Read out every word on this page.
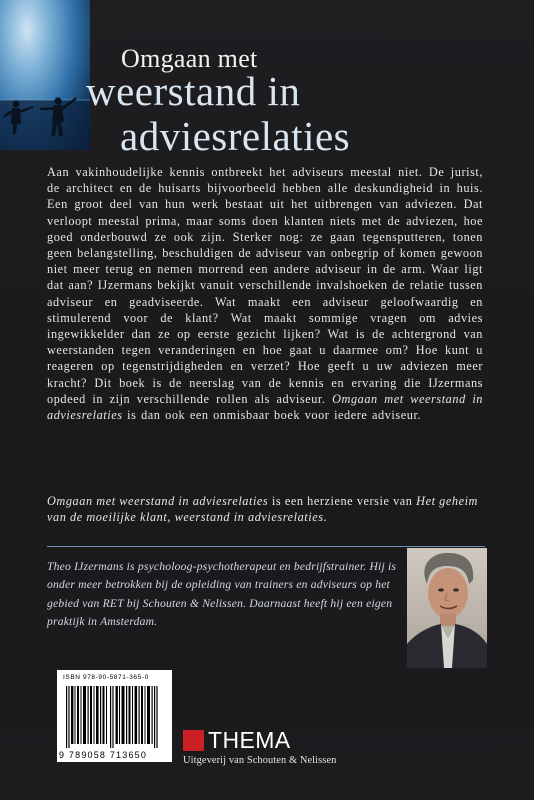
Omgaan met
weerstand in
adviesrelaties

Aan vakinhoudelijke kennis ontbreekt het adviseurs meestal niet. De jurist, de architect en de huisarts bijvoorbeeld hebben alle deskundigheid in huis. Een groot deel van hun werk bestaat uit het uitbrengen van adviezen. Dat verloopt meestal prima, maar soms doen klanten niets met de adviezen, hoe goed onderbouwd ze ook zijn. Sterker nog: ze gaan tegensputteren, tonen geen belangstelling, beschuldigen de adviseur van onbegrip of komen gewoon niet meer terug en nemen morrend een andere adviseur in de arm. Waar ligt dat aan? IJzermans bekijkt vanuit verschillende invalshoeken de relatie tussen adviseur en geadviseerde. Wat maakt een adviseur geloofwaardig en stimulerend voor de klant? Wat maakt sommige vragen om advies ingewikkelder dan ze op eerste gezicht lijken? Wat is de achtergrond van weerstanden tegen veranderingen en hoe gaat u daarmee om? Hoe kunt u reageren op tegenstrijdigheden en verzet? Hoe geeft u uw adviezen meer kracht? Dit boek is de neerslag van de kennis en ervaring die IJzermans opdeed in zijn verschillende rollen als adviseur. Omgaan met weerstand in adviesrelaties is dan ook een onmisbaar boek voor iedere adviseur.

Omgaan met weerstand in adviesrelaties is een herziene versie van Het geheim van de moeilijke klant, weerstand in adviesrelaties.
Theo IJzermans is psycholoog-psychotherapeut en bedrijfstrainer. Hij is onder meer betrokken bij de opleiding van trainers en adviseurs op het gebied van RET bij Schouten & Nelissen. Daarnaast heeft hij een eigen praktijk in Amsterdam.
ISBN 978-90-5871-365-0
9 789058 713650
THEMA
Uitgeverij van Schouten & Nelissen
